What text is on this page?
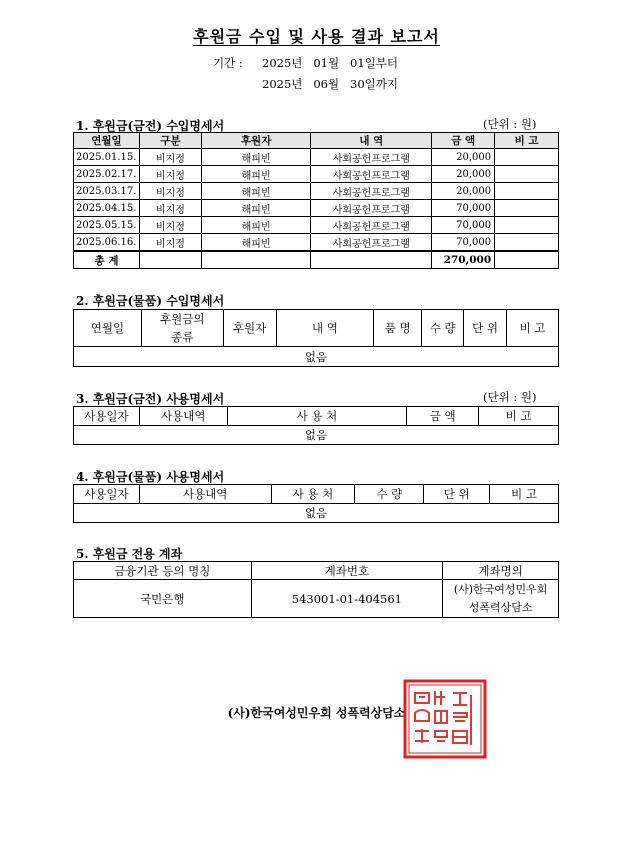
후원금 수입 및 사용 결과 보고서
기간 : 2025년   01월   01일부터
2025년   06월   30일까지
1. 후원금(금전) 수입명세서	(단위 : 원)
연월일	구분	후원자	내 역	금 액	비 고
2025.01.15.	비지정	해피빈	사회공헌프로그램	20,000	
2025.02.17.	비지정	해피빈	사회공헌프로그램	20,000	
2025.03.17.	비지정	해피빈	사회공헌프로그램	20,000	
2025.04.15.	비지정	해피빈	사회공헌프로그램	70,000	
2025.05.15.	비지정	해피빈	사회공헌프로그램	70,000	
2025.06.16.	비지정	해피빈	사회공헌프로그램	70,000	
총 계				270,000	
2. 후원금(물품) 수입명세서
연월일	후원금의
종류	후원자	내 역	품 명	수 량	단 위	비 고
없음
3. 후원금(금전) 사용명세서	(단위 : 원)
사용일자	사용내역	사 용 처	금 액	비 고
없음
4. 후원금(물품) 사용명세서
사용일자	사용내역	사 용 처	수 량	단 위	비 고
없음
5. 후원금 전용 계좌
금융기관 등의 명칭	계좌번호	계좌명의
국민은행	543001-01-404561	(사)한국여성민우회
성폭력상담소
(사)한국여성민우회 성폭력상담소
